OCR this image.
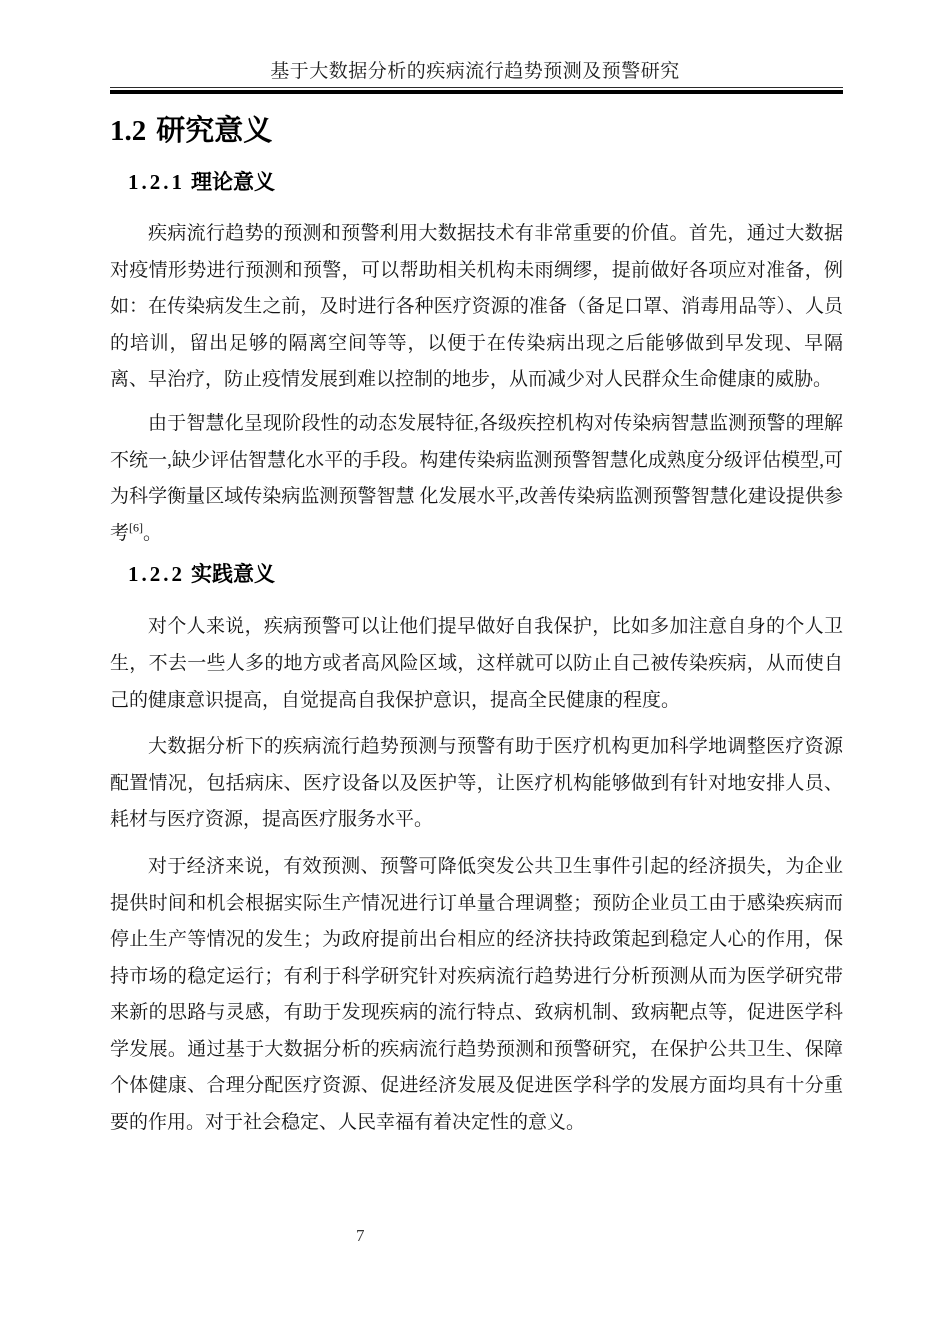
基于大数据分析的疾病流行趋势预测及预警研究
1.2 研究意义
1.2.1 理论意义

疾病流行趋势的预测和预警利用大数据技术有非常重要的价值。首先，通过大数据对疫情形势进行预测和预警，可以帮助相关机构未雨绸缪，提前做好各项应对准备，例如：在传染病发生之前，及时进行各种医疗资源的准备（备足口罩、消毒用品等）、人员的培训，留出足够的隔离空间等等，以便于在传染病出现之后能够做到早发现、早隔离、早治疗，防止疫情发展到难以控制的地步，从而减少对人民群众生命健康的威胁。

由于智慧化呈现阶段性的动态发展特征,各级疾控机构对传染病智慧监测预警的理解不统一,缺少评估智慧化水平的手段。构建传染病监测预警智慧化成熟度分级评估模型,可为科学衡量区域传染病监测预警智慧 化发展水平,改善传染病监测预警智慧化建设提供参考[6]。

1.2.2 实践意义

对个人来说，疾病预警可以让他们提早做好自我保护，比如多加注意自身的个人卫生，不去一些人多的地方或者高风险区域，这样就可以防止自己被传染疾病，从而使自己的健康意识提高，自觉提高自我保护意识，提高全民健康的程度。

大数据分析下的疾病流行趋势预测与预警有助于医疗机构更加科学地调整医疗资源配置情况，包括病床、医疗设备以及医护等，让医疗机构能够做到有针对地安排人员、耗材与医疗资源，提高医疗服务水平。

对于经济来说，有效预测、预警可降低突发公共卫生事件引起的经济损失，为企业提供时间和机会根据实际生产情况进行订单量合理调整；预防企业员工由于感染疾病而停止生产等情况的发生；为政府提前出台相应的经济扶持政策起到稳定人心的作用，保持市场的稳定运行；有利于科学研究针对疾病流行趋势进行分析预测从而为医学研究带来新的思路与灵感，有助于发现疾病的流行特点、致病机制、致病靶点等，促进医学科学发展。通过基于大数据分析的疾病流行趋势预测和预警研究，在保护公共卫生、保障个体健康、合理分配医疗资源、促进经济发展及促进医学科学的发展方面均具有十分重要的作用。对于社会稳定、人民幸福有着决定性的意义。

7
